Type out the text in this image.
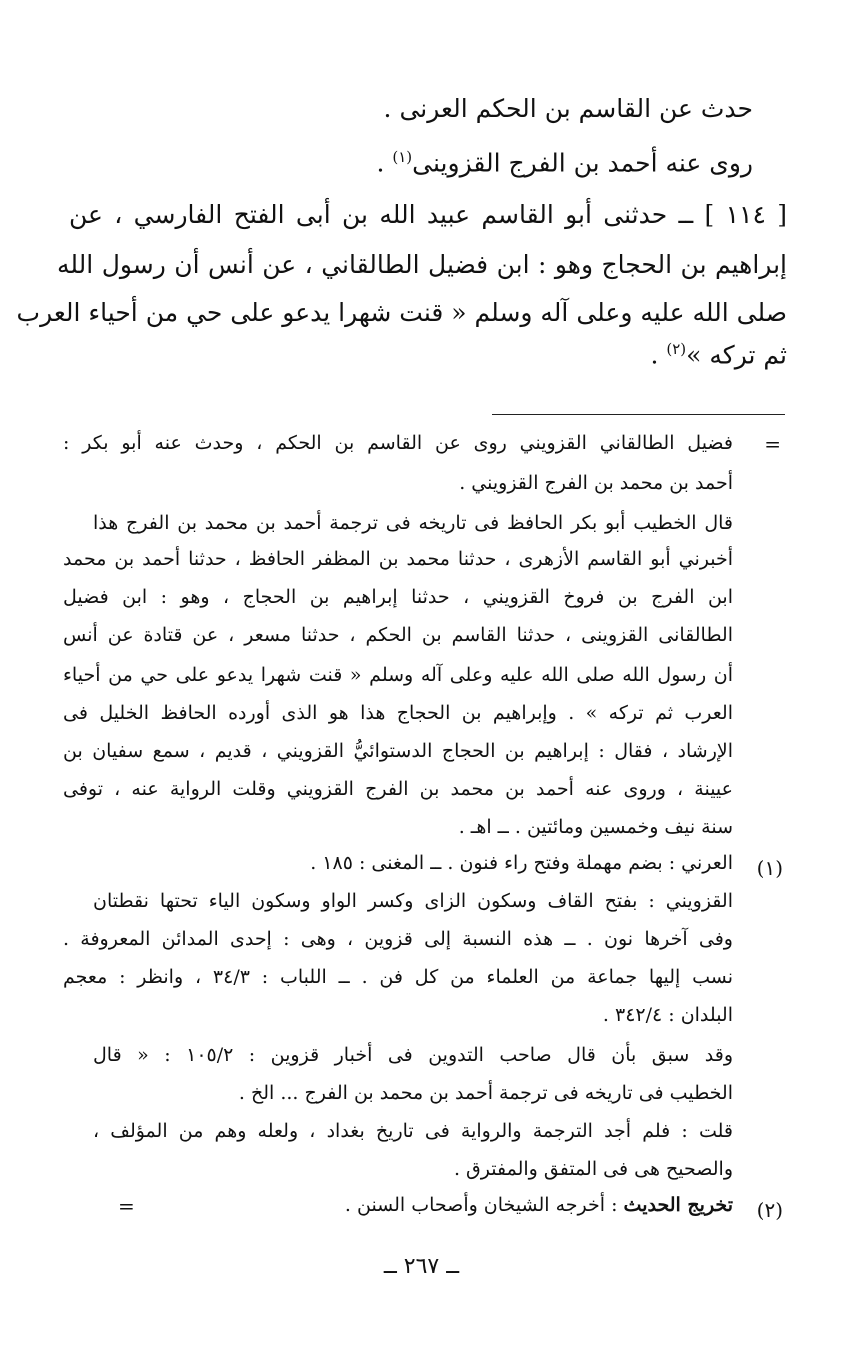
حدث عن القاسم بن الحكم العرنى .

روى عنه أحمد بن الفرج القزوينى$^{(١)}$ .

[ ١١٤ ] ــ حدثنى أبو القاسم عبيد الله بن أبى الفتح الفارسي ، عن

إبراهيم بن الحجاج وهو : ابن فضيل الطالقاني ، عن أنس أن رسول الله

صلى الله عليه وعلى آله وسلم « قنت شهرا يدعو على حي من أحياء العرب

ثم تركه »$^{(٢)}$ .

=

فضيل الطالقاني القزويني روى عن القاسم بن الحكم ، وحدث عنه أبو بكر :

أحمد بن محمد بن الفرج القزويني .

قال الخطيب أبو بكر الحافظ فى تاريخه فى ترجمة أحمد بن محمد بن الفرج هذا

أخبرني أبو القاسم الأزهرى ، حدثنا محمد بن المظفر الحافظ ، حدثنا أحمد بن محمد

ابن الفرج بن فروخ القزويني ، حدثنا إبراهيم بن الحجاج ، وهو : ابن فضيل

الطالقانى القزوينى ، حدثنا القاسم بن الحكم ، حدثنا مسعر ، عن قتادة عن أنس

أن رسول الله صلى الله عليه وعلى آله وسلم « قنت شهرا يدعو على حي من أحياء

العرب ثم تركه » . وإبراهيم بن الحجاج هذا هو الذى أورده الحافظ الخليل فى

الإرشاد ، فقال : إبراهيم بن الحجاج الدستوائيُّ القزويني ، قديم ، سمع سفيان بن

عيينة ، وروى عنه أحمد بن محمد بن الفرج القزويني وقلت الرواية عنه ، توفى

سنة نيف وخمسين ومائتين . ــ اهـ .

(١)

العرني : بضم مهملة وفتح راء فنون . ــ المغنى : ١٨٥ .

القزويني : بفتح القاف وسكون الزاى وكسر الواو وسكون الياء تحتها نقطتان

وفى آخرها نون . ــ هذه النسبة إلى قزوين ، وهى : إحدى المدائن المعروفة .

نسب إليها جماعة من العلماء من كل فن . ــ اللباب : ٣٤/٣ ، وانظر : معجم

البلدان : ٣٤٢/٤ .

وقد سبق بأن قال صاحب التدوين فى أخبار قزوين : ١٠٥/٢ : « قال

الخطيب فى تاريخه فى ترجمة أحمد بن محمد بن الفرج ... الخ .

قلت : فلم أجد الترجمة والرواية فى تاريخ بغداد ، ولعله وهم من المؤلف ،

والصحيح هى فى المتفق والمفترق .

(٢)

تخريج الحديث : أخرجه الشيخان وأصحاب السنن .

=
ــ ٢٦٧ ــ
